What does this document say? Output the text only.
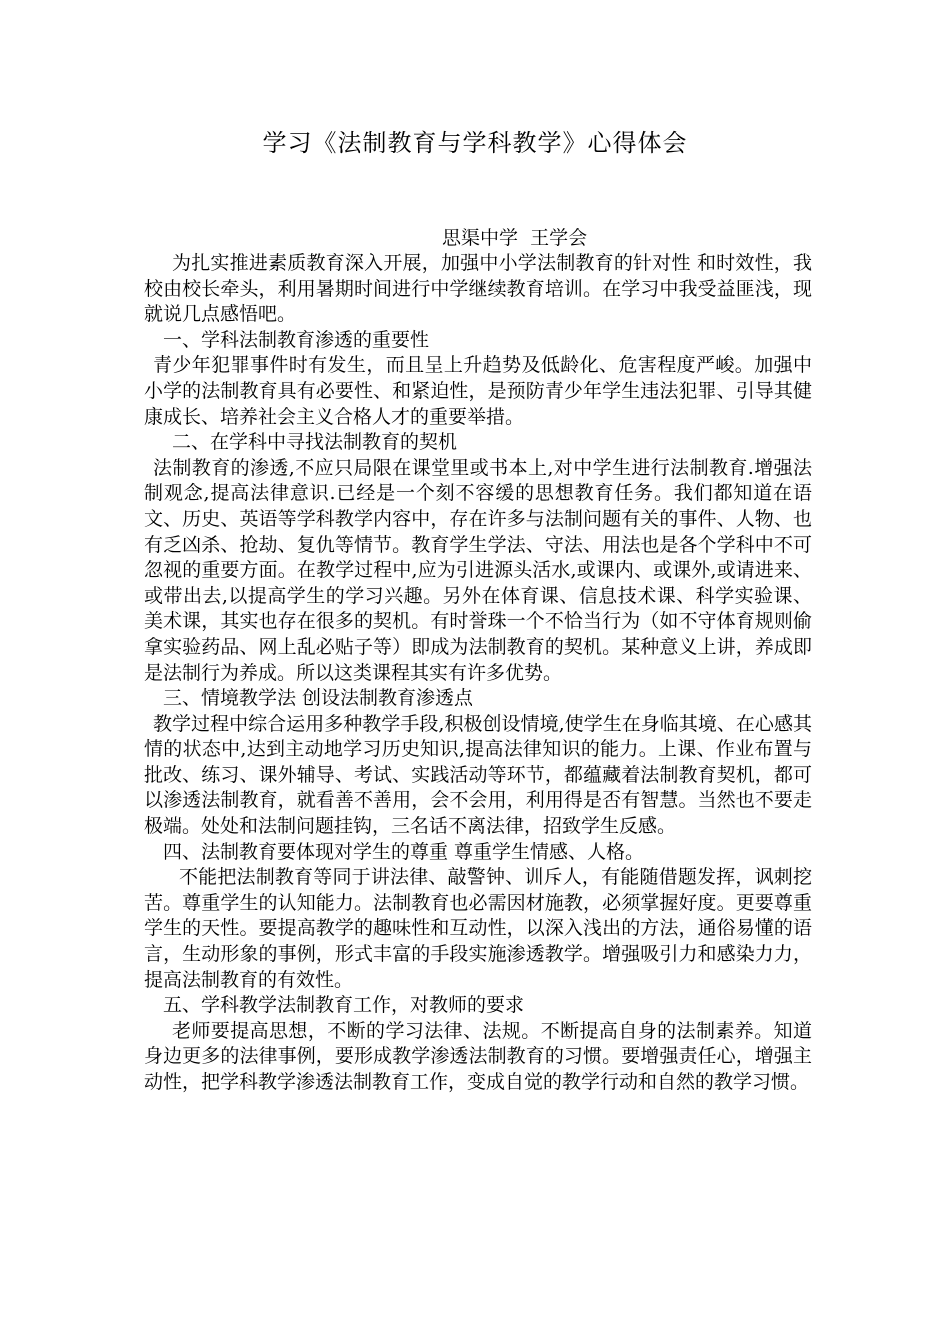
学习《法制教育与学科教学》心得体会
思渠中学  王学会

为扎实推进素质教育深入开展，加强中小学法制教育的针对性 和时效性，我校由校长牵头，利用暑期时间进行中学继续教育培训。在学习中我受益匪浅，现就说几点感悟吧。

一、学科法制教育渗透的重要性

青少年犯罪事件时有发生，而且呈上升趋势及低龄化、危害程度严峻。加强中小学的法制教育具有必要性、和紧迫性，是预防青少年学生违法犯罪、引导其健康成长、培养社会主义合格人才的重要举措。

二、在学科中寻找法制教育的契机

法制教育的渗透,不应只局限在课堂里或书本上,对中学生进行法制教育.增强法制观念,提高法律意识.已经是一个刻不容缓的思想教育任务。我们都知道在语文、历史、英语等学科教学内容中，存在许多与法制问题有关的事件、人物、也有乏凶杀、抢劫、复仇等情节。教育学生学法、守法、用法也是各个学科中不可忽视的重要方面。在教学过程中,应为引进源头活水,或课内、或课外,或请进来、或带出去,以提高学生的学习兴趣。另外在体育课、信息技术课、科学实验课、美术课，其实也存在很多的契机。有时誉珠一个不恰当行为（如不守体育规则偷拿实验药品、网上乱必贴子等）即成为法制教育的契机。某种意义上讲，养成即是法制行为养成。所以这类课程其实有许多优势。

三、情境教学法 创设法制教育渗透点

教学过程中综合运用多种教学手段,积极创设情境,使学生在身临其境、在心感其情的状态中,达到主动地学习历史知识,提高法律知识的能力。上课、作业布置与批改、练习、课外辅导、考试、实践活动等环节，都蕴藏着法制教育契机，都可以渗透法制教育，就看善不善用，会不会用，利用得是否有智慧。当然也不要走极端。处处和法制问题挂钩，三名话不离法律，招致学生反感。

四、法制教育要体现对学生的尊重 尊重学生情感、人格。

不能把法制教育等同于讲法律、敲警钟、训斥人，有能随借题发挥，讽刺挖苦。尊重学生的认知能力。法制教育也必需因材施教，必须掌握好度。更要尊重学生的天性。要提高教学的趣味性和互动性，以深入浅出的方法，通俗易懂的语言，生动形象的事例，形式丰富的手段实施渗透教学。增强吸引力和感染力力，提高法制教育的有效性。

五、学科教学法制教育工作，对教师的要求

老师要提高思想，不断的学习法律、法规。不断提高自身的法制素养。知道身边更多的法律事例，要形成教学渗透法制教育的习惯。要增强责任心，增强主动性，把学科教学渗透法制教育工作，变成自觉的教学行动和自然的教学习惯。
